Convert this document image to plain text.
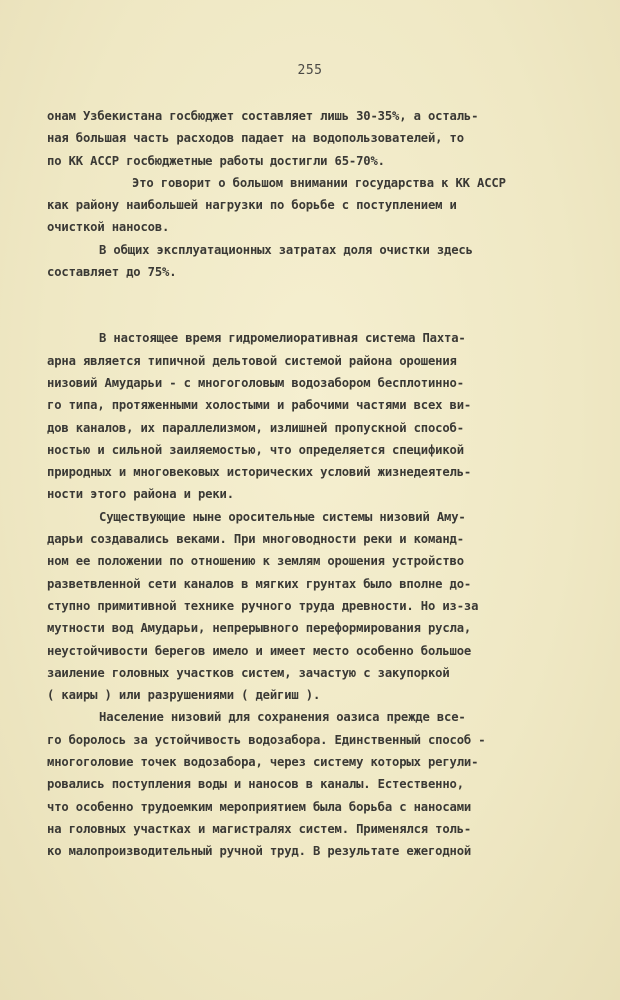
255
онам Узбекистана госбюджет составляет лишь 30-35%, а осталь-
ная большая часть расходов падает на водопользователей, то
по КК АССР госбюджетные работы достигли 65-70%.
Это говорит о большом внимании государства к КК АССР
как району наибольшей нагрузки по борьбе с поступлением и
очисткой наносов.
В общих эксплуатационных затратах доля очистки здесь
составляет до 75%.
В настоящее время гидромелиоративная система Пахта-
арна является типичной дельтовой системой района орошения
низовий Амударьи - с многоголовым водозабором бесплотинно-
го типа, протяженными холостыми и рабочими частями всех ви-
дов каналов, их параллелизмом, излишней пропускной способ-
ностью и сильной заиляемостью, что определяется спецификой
природных и многовековых исторических условий жизнедеятель-
ности этого района и реки.
Существующие ныне оросительные системы низовий Аму-
дарьи создавались веками. При многоводности реки и команд-
ном ее положении по отношению к землям орошения устройство
разветвленной сети каналов в мягких грунтах было вполне до-
ступно примитивной технике ручного труда древности. Но из-за
мутности вод Амударьи, непрерывного переформирования русла,
неустойчивости берегов имело и имеет место особенно большое
заиление головных участков систем, зачастую с закупоркой
( каиры ) или разрушениями ( дейгиш ).
Население низовий для сохранения оазиса прежде все-
го боролось за устойчивость водозабора. Единственный способ -
многоголовие точек водозабора, через систему которых регули-
ровались поступления воды и наносов в каналы. Естественно,
что особенно трудоемким мероприятием была борьба с наносами
на головных участках и магистралях систем. Применялся толь-
ко малопроизводительный ручной труд. В результате ежегодной
